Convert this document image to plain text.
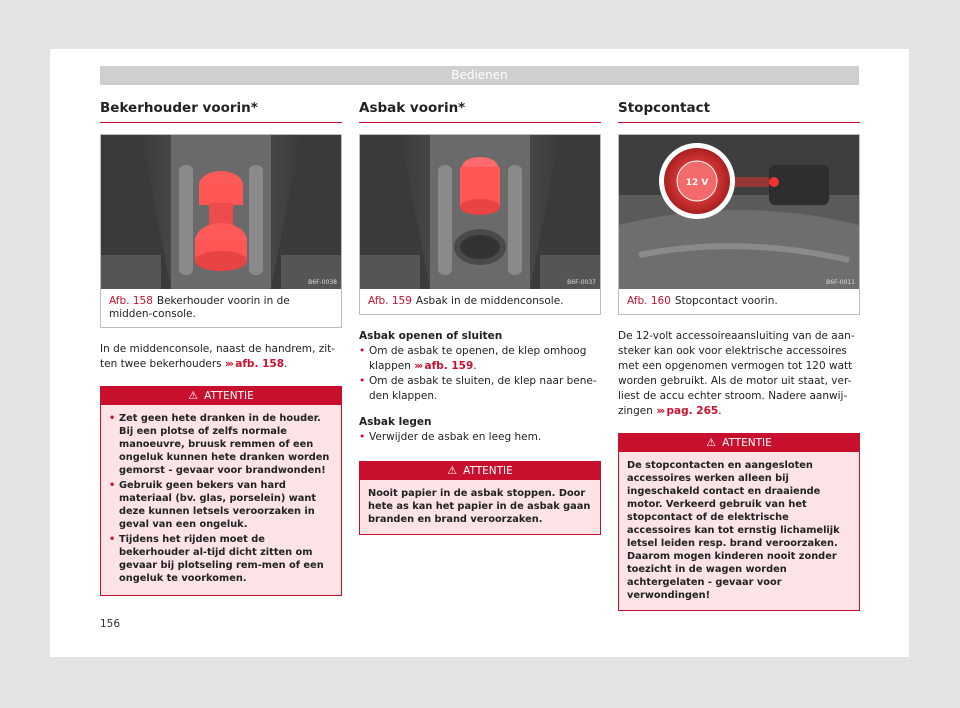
Bedienen
Bekerhouder voorin*
B6F-0038
Afb. 158 Bekerhouder voorin in de midden-console.

In de middenconsole, naast de handrem, zit-ten twee bekerhouders ››› afb. 158.

⚠ ATTENTIE
• Zet geen hete dranken in de houder. Bij een plotse of zelfs normale manoeuvre, bruusk remmen of een ongeluk kunnen hete dranken worden gemorst - gevaar voor brandwonden!
• Gebruik geen bekers van hard materiaal (bv. glas, porselein) want deze kunnen letsels veroorzaken in geval van een ongeluk.
• Tijdens het rijden moet de bekerhouder al-tijd dicht zitten om gevaar bij plotseling rem-men of een ongeluk te voorkomen.
Asbak voorin*
B6F-0037
Afb. 159 Asbak in de middenconsole.

Asbak openen of sluiten

• Om de asbak te openen, de klep omhoog klappen ››› afb. 159.

• Om de asbak te sluiten, de klep naar bene-den klappen.

Asbak legen

• Verwijder de asbak en leeg hem.

⚠ ATTENTIE
Nooit papier in de asbak stoppen. Door hete as kan het papier in de asbak gaan branden en brand veroorzaken.
Stopcontact
12 V
B6F-0011
Afb. 160 Stopcontact voorin.

De 12-volt accessoireaansluiting van de aan-steker kan ook voor elektrische accessoires met een opgenomen vermogen tot 120 watt worden gebruikt. Als de motor uit staat, ver-liest de accu echter stroom. Nadere aanwij-zingen ››› pag. 265.

⚠ ATTENTIE
De stopcontacten en aangesloten accessoires werken alleen bij ingeschakeld contact en draaiende motor. Verkeerd gebruik van het stopcontact of de elektrische accessoires kan tot ernstig lichamelijk letsel leiden resp. brand veroorzaken. Daarom mogen kinderen nooit zonder toezicht in de wagen worden achtergelaten - gevaar voor verwondingen!
156
